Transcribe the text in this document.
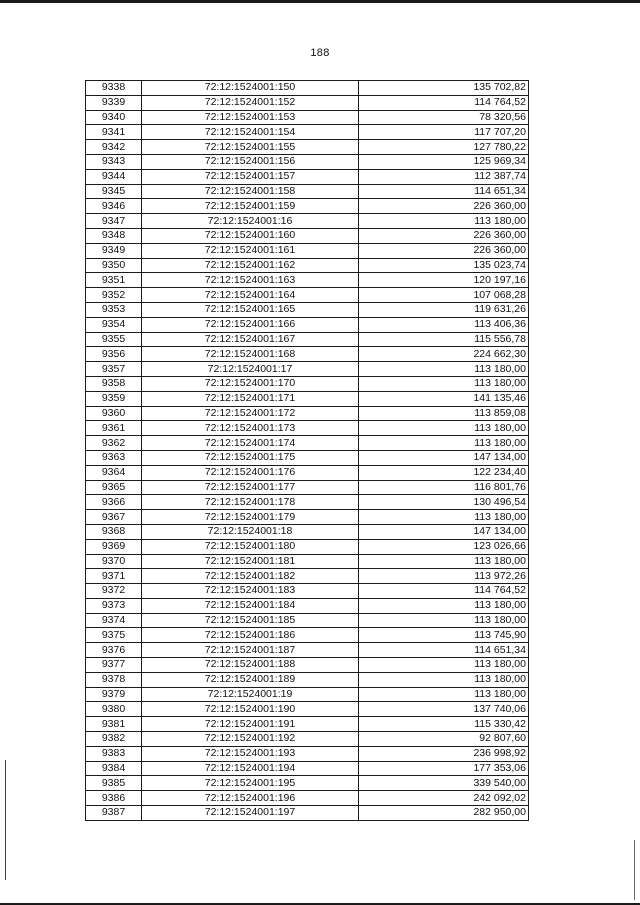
188
9338	72:12:1524001:150	135 702,82
9339	72:12:1524001:152	114 764,52
9340	72:12:1524001:153	78 320,56
9341	72:12:1524001:154	117 707,20
9342	72:12:1524001:155	127 780,22
9343	72:12:1524001:156	125 969,34
9344	72:12:1524001:157	112 387,74
9345	72:12:1524001:158	114 651,34
9346	72:12:1524001:159	226 360,00
9347	72:12:1524001:16	113 180,00
9348	72:12:1524001:160	226 360,00
9349	72:12:1524001:161	226 360,00
9350	72:12:1524001:162	135 023,74
9351	72:12:1524001:163	120 197,16
9352	72:12:1524001:164	107 068,28
9353	72:12:1524001:165	119 631,26
9354	72:12:1524001:166	113 406,36
9355	72:12:1524001:167	115 556,78
9356	72:12:1524001:168	224 662,30
9357	72:12:1524001:17	113 180,00
9358	72:12:1524001:170	113 180,00
9359	72:12:1524001:171	141 135,46
9360	72:12:1524001:172	113 859,08
9361	72:12:1524001:173	113 180,00
9362	72:12:1524001:174	113 180,00
9363	72:12:1524001:175	147 134,00
9364	72:12:1524001:176	122 234,40
9365	72:12:1524001:177	116 801,76
9366	72:12:1524001:178	130 496,54
9367	72:12:1524001:179	113 180,00
9368	72:12:1524001:18	147 134,00
9369	72:12:1524001:180	123 026,66
9370	72:12:1524001:181	113 180,00
9371	72:12:1524001:182	113 972,26
9372	72:12:1524001:183	114 764,52
9373	72:12:1524001:184	113 180,00
9374	72:12:1524001:185	113 180,00
9375	72:12:1524001:186	113 745,90
9376	72:12:1524001:187	114 651,34
9377	72:12:1524001:188	113 180,00
9378	72:12:1524001:189	113 180,00
9379	72:12:1524001:19	113 180,00
9380	72:12:1524001:190	137 740,06
9381	72:12:1524001:191	115 330,42
9382	72:12:1524001:192	92 807,60
9383	72:12:1524001:193	236 998,92
9384	72:12:1524001:194	177 353,06
9385	72:12:1524001:195	339 540,00
9386	72:12:1524001:196	242 092,02
9387	72:12:1524001:197	282 950,00
